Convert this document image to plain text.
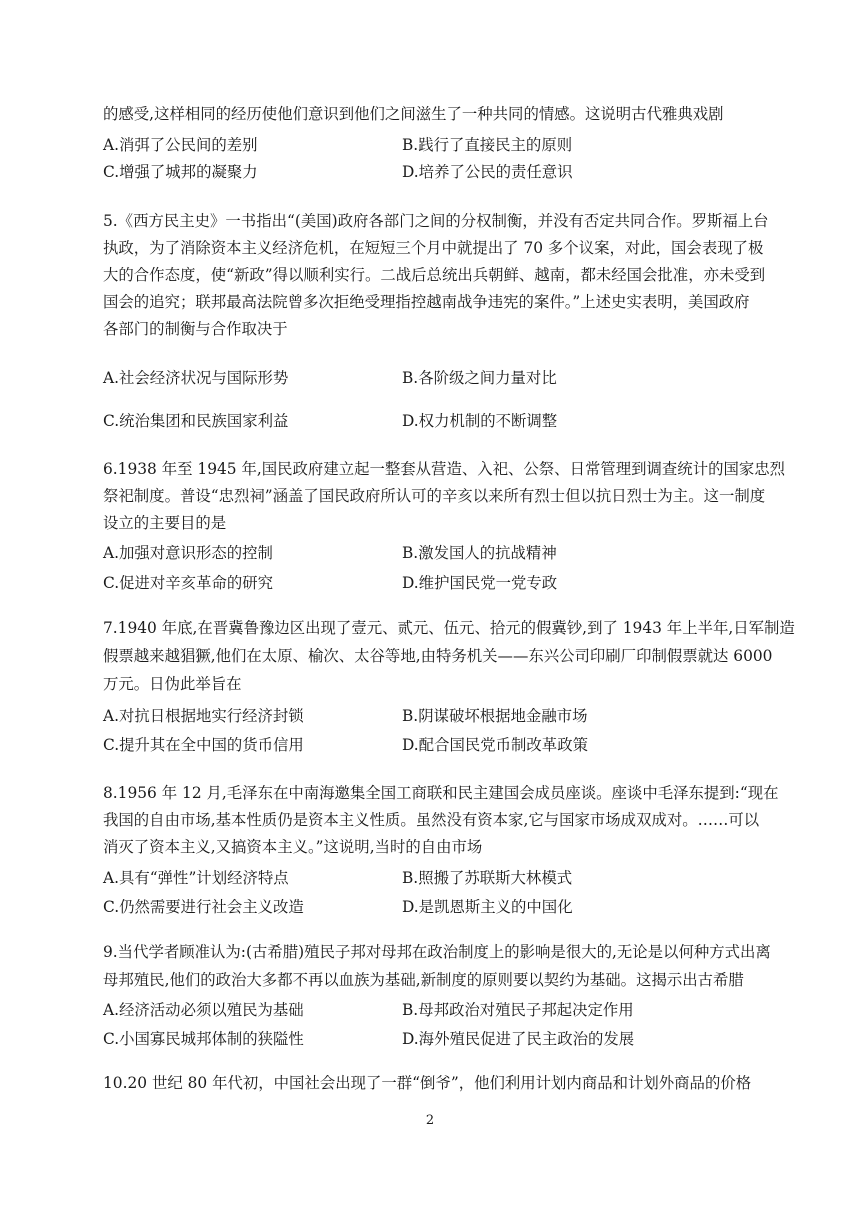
的感受,这样相同的经历使他们意识到他们之间滋生了一种共同的情感。这说明古代雅典戏剧
A.消弭了公民间的差别	B.践行了直接民主的原则
C.增强了城邦的凝聚力	D.培养了公民的责任意识
5.《西方民主史》一书指出“(美国)政府各部门之间的分权制衡，并没有否定共同合作。罗斯福上台
执政，为了消除资本主义经济危机，在短短三个月中就提出了 70 多个议案，对此，国会表现了极
大的合作态度，使“新政”得以顺利实行。二战后总统出兵朝鲜、越南，都未经国会批准，亦未受到
国会的追究；联邦最高法院曾多次拒绝受理指控越南战争违宪的案件。”上述史实表明，美国政府
各部门的制衡与合作取决于
A.社会经济状况与国际形势	B.各阶级之间力量对比
C.统治集团和民族国家利益	D.权力机制的不断调整
6.1938 年至 1945 年,国民政府建立起一整套从营造、入祀、公祭、日常管理到调查统计的国家忠烈
祭祀制度。普设“忠烈祠”涵盖了国民政府所认可的辛亥以来所有烈士但以抗日烈士为主。这一制度
设立的主要目的是
A.加强对意识形态的控制	B.激发国人的抗战精神
C.促进对辛亥革命的研究	D.维护国民党一党专政
7.1940 年底,在晋冀鲁豫边区出现了壹元、贰元、伍元、拾元的假冀钞,到了 1943 年上半年,日军制造
假票越来越猖獗,他们在太原、榆次、太谷等地,由特务机关——东兴公司印刷厂印制假票就达 6000
万元。日伪此举旨在
A.对抗日根据地实行经济封锁	B.阴谋破坏根据地金融市场
C.提升其在全中国的货币信用	D.配合国民党币制改革政策
8.1956 年 12 月,毛泽东在中南海邀集全国工商联和民主建国会成员座谈。座谈中毛泽东提到:“现在
我国的自由市场,基本性质仍是资本主义性质。虽然没有资本家,它与国家市场成双成对。……可以
消灭了资本主义,又搞资本主义。”这说明,当时的自由市场
A.具有“弹性”计划经济特点	B.照搬了苏联斯大林模式
C.仍然需要进行社会主义改造	D.是凯恩斯主义的中国化
9.当代学者顾准认为:(古希腊)殖民子邦对母邦在政治制度上的影响是很大的,无论是以何种方式出离
母邦殖民,他们的政治大多都不再以血族为基础,新制度的原则要以契约为基础。这揭示出古希腊
A.经济活动必须以殖民为基础	B.母邦政治对殖民子邦起决定作用
C.小国寡民城邦体制的狭隘性	D.海外殖民促进了民主政治的发展
10.20 世纪 80 年代初，中国社会出现了一群“倒爷”，他们利用计划内商品和计划外商品的价格
2
